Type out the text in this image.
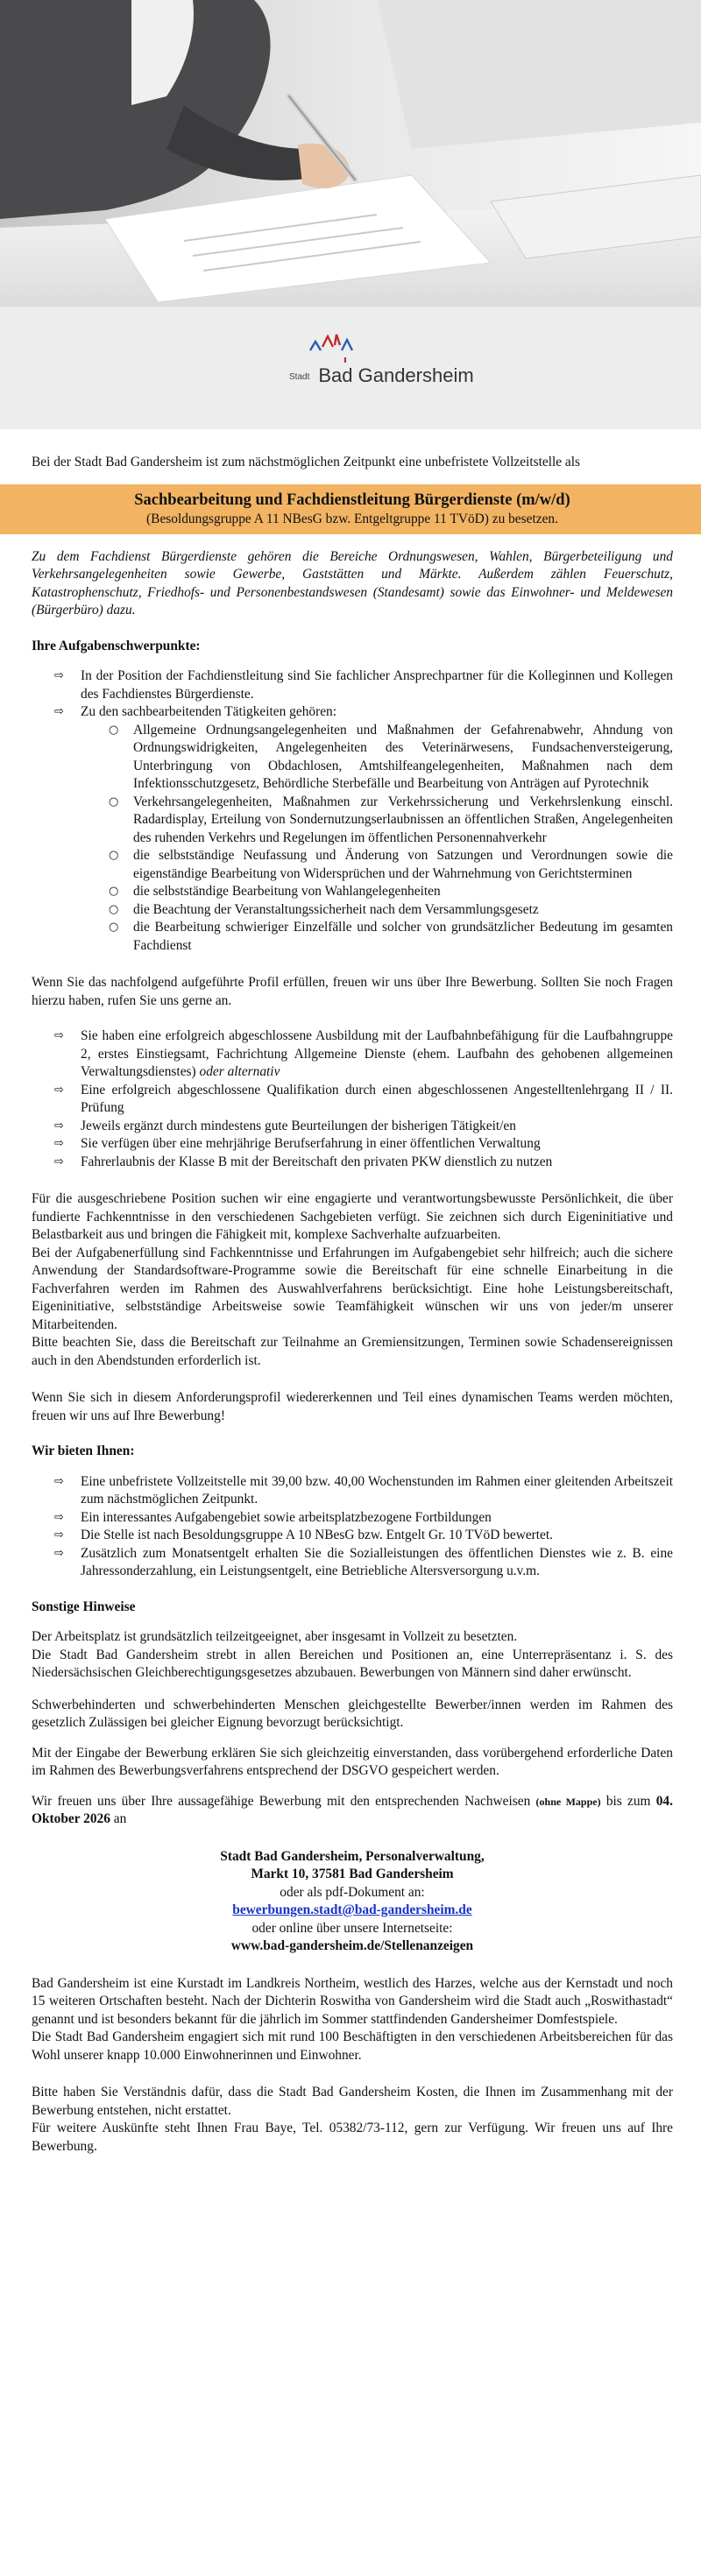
Stadt Bad Gandersheim

Bei der Stadt Bad Gandersheim ist zum nächstmöglichen Zeitpunkt eine unbefristete Vollzeitstelle als

Sachbearbeitung und Fachdienstleitung Bürgerdienste (m/w/d)
(Besoldungsgruppe A 11 NBesG bzw. Entgeltgruppe 11 TVöD) zu besetzen.

Zu dem Fachdienst Bürgerdienste gehören die Bereiche Ordnungswesen, Wahlen, Bürgerbeteiligung und Verkehrsangelegenheiten sowie Gewerbe, Gaststätten und Märkte. Außerdem zählen Feuerschutz, Katastrophenschutz, Friedhofs- und Personenbestandswesen (Standesamt) sowie das Einwohner- und Meldewesen (Bürgerbüro) dazu.

Ihre Aufgabenschwerpunkte:
⇨ In der Position der Fachdienstleitung sind Sie fachlicher Ansprechpartner für die Kolleginnen und Kollegen des Fachdienstes Bürgerdienste.
⇨ Zu den sachbearbeitenden Tätigkeiten gehören:
○ Allgemeine Ordnungsangelegenheiten und Maßnahmen der Gefahrenabwehr, Ahndung von Ordnungswidrigkeiten, Angelegenheiten des Veterinärwesens, Fundsachenversteigerung, Unterbringung von Obdachlosen, Amtshilfeangelegenheiten, Maßnahmen nach dem Infektionsschutzgesetz, Behördliche Sterbefälle und Bearbeitung von Anträgen auf Pyrotechnik
○ Verkehrsangelegenheiten, Maßnahmen zur Verkehrssicherung und Verkehrslenkung einschl. Radardisplay, Erteilung von Sondernutzungserlaubnissen an öffentlichen Straßen, Angelegenheiten des ruhenden Verkehrs und Regelungen im öffentlichen Personennahverkehr
○ die selbstständige Neufassung und Änderung von Satzungen und Verordnungen sowie die eigenständige Bearbeitung von Widersprüchen und der Wahrnehmung von Gerichtsterminen
○ die selbstständige Bearbeitung von Wahlangelegenheiten
○ die Beachtung der Veranstaltungssicherheit nach dem Versammlungsgesetz
○ die Bearbeitung schwieriger Einzelfälle und solcher von grundsätzlicher Bedeutung im gesamten Fachdienst

Wenn Sie das nachfolgend aufgeführte Profil erfüllen, freuen wir uns über Ihre Bewerbung. Sollten Sie noch Fragen hierzu haben, rufen Sie uns gerne an.

⇨ Sie haben eine erfolgreich abgeschlossene Ausbildung mit der Laufbahnbefähigung für die Laufbahngruppe 2, erstes Einstiegsamt, Fachrichtung Allgemeine Dienste (ehem. Laufbahn des gehobenen allgemeinen Verwaltungsdienstes) oder alternativ
⇨ Eine erfolgreich abgeschlossene Qualifikation durch einen abgeschlossenen Angestelltenlehrgang II / II. Prüfung
⇨ Jeweils ergänzt durch mindestens gute Beurteilungen der bisherigen Tätigkeit/en
⇨ Sie verfügen über eine mehrjährige Berufserfahrung in einer öffentlichen Verwaltung
⇨ Fahrerlaubnis der Klasse B mit der Bereitschaft den privaten PKW dienstlich zu nutzen
Für die ausgeschriebene Position suchen wir eine engagierte und verantwortungsbewusste Persönlichkeit, die über fundierte Fachkenntnisse in den verschiedenen Sachgebieten verfügt. Sie zeichnen sich durch Eigeninitiative und Belastbarkeit aus und bringen die Fähigkeit mit, komplexe Sachverhalte aufzuarbeiten.
Bei der Aufgabenerfüllung sind Fachkenntnisse und Erfahrungen im Aufgabengebiet sehr hilfreich; auch die sichere Anwendung der Standardsoftware-Programme sowie die Bereitschaft für eine schnelle Einarbeitung in die Fachverfahren werden im Rahmen des Auswahlverfahrens berücksichtigt. Eine hohe Leistungsbereitschaft, Eigeninitiative, selbstständige Arbeitsweise sowie Teamfähigkeit wünschen wir uns von jeder/m unserer Mitarbeitenden.
Bitte beachten Sie, dass die Bereitschaft zur Teilnahme an Gremiensitzungen, Terminen sowie Schadensereignissen auch in den Abendstunden erforderlich ist.

Wenn Sie sich in diesem Anforderungsprofil wiedererkennen und Teil eines dynamischen Teams werden möchten, freuen wir uns auf Ihre Bewerbung!

Wir bieten Ihnen:
⇨ Eine unbefristete Vollzeitstelle mit 39,00 bzw. 40,00 Wochenstunden im Rahmen einer gleitenden Arbeitszeit zum nächstmöglichen Zeitpunkt.
⇨ Ein interessantes Aufgabengebiet sowie arbeitsplatzbezogene Fortbildungen
⇨ Die Stelle ist nach Besoldungsgruppe A 10 NBesG bzw. Entgelt Gr. 10 TVöD bewertet.
⇨ Zusätzlich zum Monatsentgelt erhalten Sie die Sozialleistungen des öffentlichen Dienstes wie z. B. eine Jahressonderzahlung, ein Leistungsentgelt, eine Betriebliche Altersversorgung u.v.m.
Sonstige Hinweise
Der Arbeitsplatz ist grundsätzlich teilzeitgeeignet, aber insgesamt in Vollzeit zu besetzten.
Die Stadt Bad Gandersheim strebt in allen Bereichen und Positionen an, eine Unterrepräsentanz i. S. des Niedersächsischen Gleichberechtigungsgesetzes abzubauen. Bewerbungen von Männern sind daher erwünscht.

Schwerbehinderten und schwerbehinderten Menschen gleichgestellte Bewerber/innen werden im Rahmen des gesetzlich Zulässigen bei gleicher Eignung bevorzugt berücksichtigt.

Mit der Eingabe der Bewerbung erklären Sie sich gleichzeitig einverstanden, dass vorübergehend erforderliche Daten im Rahmen des Bewerbungsverfahrens entsprechend der DSGVO gespeichert werden.

Wir freuen uns über Ihre aussagefähige Bewerbung mit den entsprechenden Nachweisen (ohne Mappe) bis zum 04. Oktober 2026 an

Stadt Bad Gandersheim, Personalverwaltung,
Markt 10, 37581 Bad Gandersheim
oder als pdf-Dokument an:
bewerbungen.stadt@bad-gandersheim.de
oder online über unsere Internetseite:
www.bad-gandersheim.de/Stellenanzeigen
Bad Gandersheim ist eine Kurstadt im Landkreis Northeim, westlich des Harzes, welche aus der Kernstadt und noch 15 weiteren Ortschaften besteht. Nach der Dichterin Roswitha von Gandersheim wird die Stadt auch „Roswithastadt“ genannt und ist besonders bekannt für die jährlich im Sommer stattfindenden Gandersheimer Domfestspiele.
Die Stadt Bad Gandersheim engagiert sich mit rund 100 Beschäftigten in den verschiedenen Arbeitsbereichen für das Wohl unserer knapp 10.000 Einwohnerinnen und Einwohner.
Bitte haben Sie Verständnis dafür, dass die Stadt Bad Gandersheim Kosten, die Ihnen im Zusammenhang mit der Bewerbung entstehen, nicht erstattet.
Für weitere Auskünfte steht Ihnen Frau Baye, Tel. 05382/73-112, gern zur Verfügung. Wir freuen uns auf Ihre Bewerbung.
